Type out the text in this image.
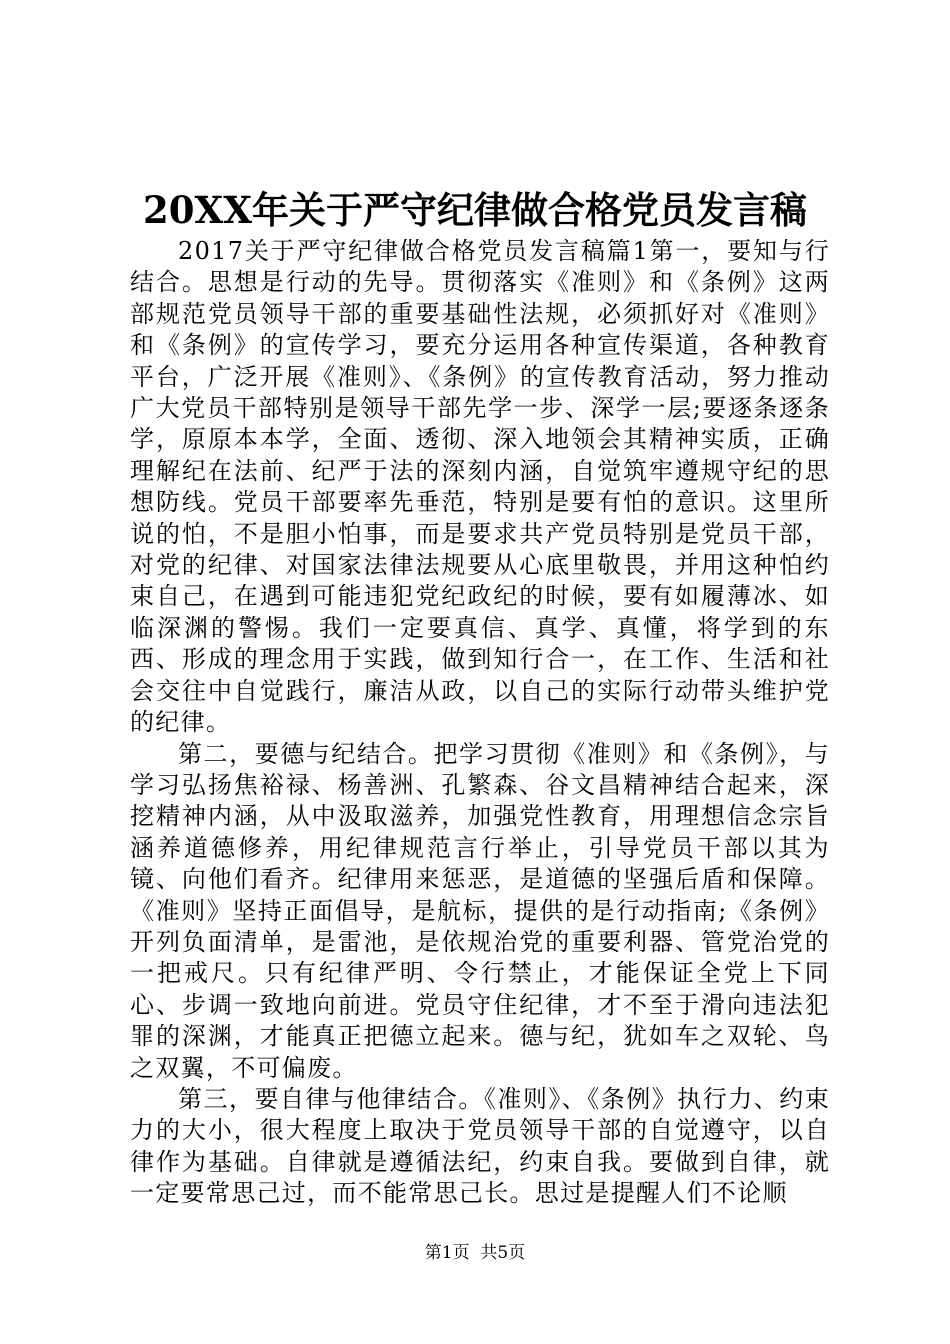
20XX年关于严守纪律做合格党员发言稿

2017关于严守纪律做合格党员发言稿篇1第一，要知与行结合。思想是行动的先导。贯彻落实《准则》和《条例》这两部规范党员领导干部的重要基础性法规，必须抓好对《准则》和《条例》的宣传学习，要充分运用各种宣传渠道，各种教育平台，广泛开展《准则》、《条例》的宣传教育活动，努力推动广大党员干部特别是领导干部先学一步、深学一层;要逐条逐条学，原原本本学，全面、透彻、深入地领会其精神实质，正确理解纪在法前、纪严于法的深刻内涵，自觉筑牢遵规守纪的思想防线。党员干部要率先垂范，特别是要有怕的意识。这里所说的怕，不是胆小怕事，而是要求共产党员特别是党员干部，对党的纪律、对国家法律法规要从心底里敬畏，并用这种怕约束自己，在遇到可能违犯党纪政纪的时候，要有如履薄冰、如临深渊的警惕。我们一定要真信、真学、真懂，将学到的东西、形成的理念用于实践，做到知行合一，在工作、生活和社会交往中自觉践行，廉洁从政，以自己的实际行动带头维护党的纪律。

第二，要德与纪结合。把学习贯彻《准则》和《条例》，与学习弘扬焦裕禄、杨善洲、孔繁森、谷文昌精神结合起来，深挖精神内涵，从中汲取滋养，加强党性教育，用理想信念宗旨涵养道德修养，用纪律规范言行举止，引导党员干部以其为镜、向他们看齐。纪律用来惩恶，是道德的坚强后盾和保障。《准则》坚持正面倡导，是航标，提供的是行动指南;《条例》开列负面清单，是雷池，是依规治党的重要利器、管党治党的一把戒尺。只有纪律严明、令行禁止，才能保证全党上下同心、步调一致地向前进。党员守住纪律，才不至于滑向违法犯罪的深渊，才能真正把德立起来。德与纪，犹如车之双轮、鸟之双翼，不可偏废。

第三，要自律与他律结合。《准则》、《条例》执行力、约束力的大小，很大程度上取决于党员领导干部的自觉遵守，以自律作为基础。自律就是遵循法纪，约束自我。要做到自律，就一定要常思己过，而不能常思己长。思过是提醒人们不论顺

第1页 共5页
